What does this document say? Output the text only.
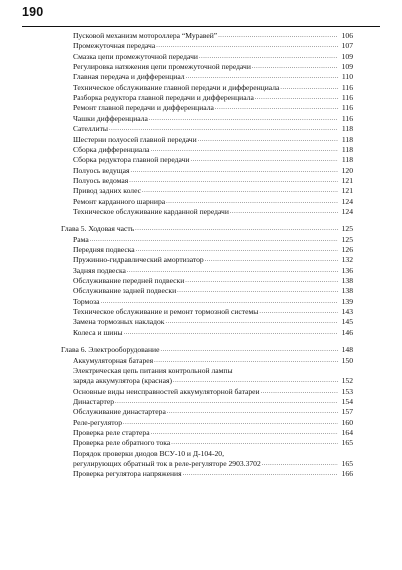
190
Пусковой механизм мотороллера “Муравей” .....	106
Промежуточная передача .....	107
Смазка цепи промежуточной передачи .....	109
Регулировка натяжения цепи промежуточной передачи .....	109
Главная передача и дифференциал .....	110
Техническое обслуживание главной передачи и дифференциала .....	116
Разборка редуктора главной передачи и дифференциала .....	116
Ремонт главной передачи и дифференциала .....	116
Чашки дифференциала .....	116
Сателлиты .....	118
Шестерни полуосей главной передачи .....	118
Сборка дифференциала .....	118
Сборка редуктора главной передачи .....	118
Полуось ведущая .....	120
Полуось ведомая .....	121
Привод задних колес .....	121
Ремонт карданного шарнира .....	124
Техническое обслуживание карданной передачи .....	124
Глава 5. Ходовая часть .....	125
Рама .....	125
Передняя подвеска .....	126
Пружинно-гидравлический амортизатор .....	132
Задняя подвеска .....	136
Обслуживание передней подвески .....	138
Обслуживание задней подвески .....	138
Тормоза .....	139
Техническое обслуживание и ремонт тормозной системы .....	143
Замена тормозных накладок .....	145
Колеса и шины .....	146
Глава 6. Электрооборудование .....	148
Аккумуляторная батарея .....	150
Электрическая цепь питания контрольной лампы
заряда аккумулятора (красная) .....	152
Основные виды неисправностей аккумуляторной батареи .....	153
Династартер .....	154
Обслуживание династартера .....	157
Реле-регулятор .....	160
Проверка реле стартера .....	164
Проверка реле обратного тока .....	165
Порядок проверки диодов ВСУ-10 и Д-104-20,
регулирующих обратный ток в реле-регуляторе 2903.3702 .....	165
Проверка регулятора напряжения .....	166
